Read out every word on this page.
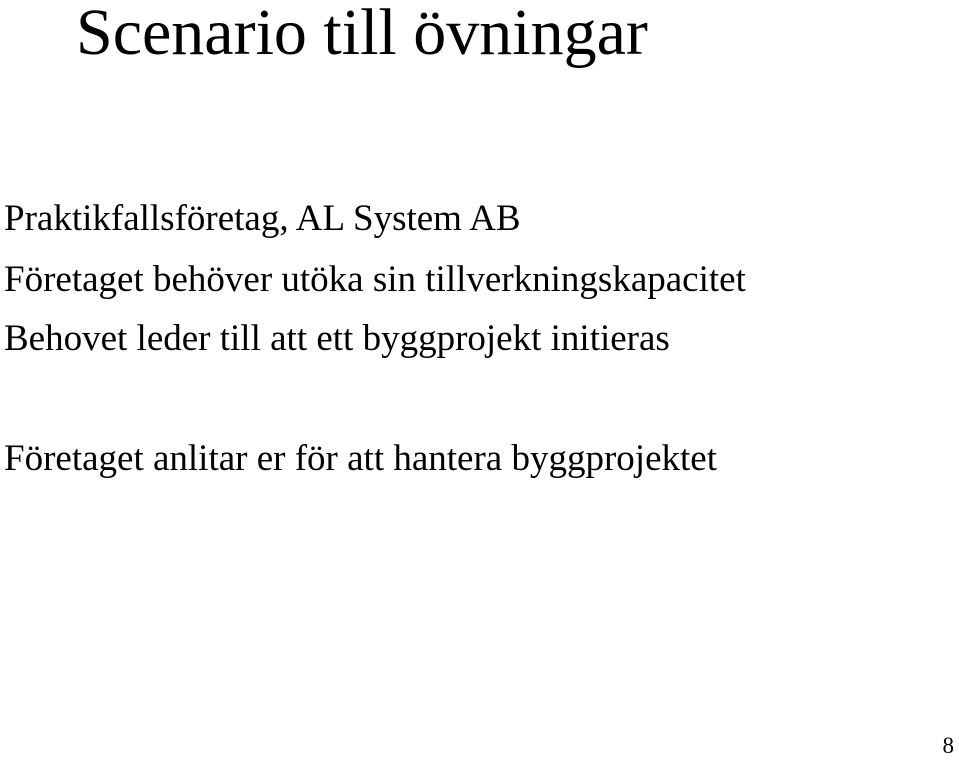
Scenario till övningar

Praktikfallsföretag, AL System AB

Företaget behöver utöka sin tillverkningskapacitet

Behovet leder till att ett byggprojekt initieras

Företaget anlitar er för att hantera byggprojektet

8
